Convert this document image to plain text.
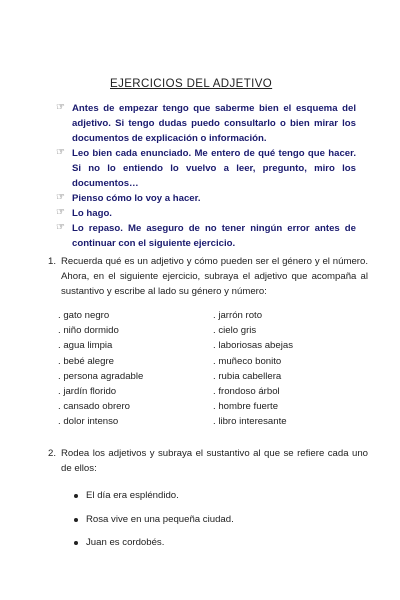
EJERCICIOS DEL ADJETIVO
☞ Antes de empezar tengo que saberme bien el esquema del adjetivo. Si tengo dudas puedo consultarlo o bien mirar los documentos de explicación o información.
☞ Leo bien cada enunciado. Me entero de qué tengo que hacer. Si no lo entiendo lo vuelvo a leer, pregunto, miro los documentos…
☞ Pienso cómo lo voy a hacer.
☞ Lo hago.
☞ Lo repaso. Me aseguro de no tener ningún error antes de continuar con el siguiente ejercicio.
1. Recuerda qué es un adjetivo y cómo pueden ser el género y el número. Ahora, en el siguiente ejercicio, subraya el adjetivo que acompaña al sustantivo y escribe al lado su género y número:
. gato negro
. niño dormido
. agua limpia
. bebé alegre
. persona agradable
. jardín florido
. cansado obrero
. dolor intenso
. jarrón roto
. cielo gris
. laboriosas abejas
. muñeco bonito
. rubia cabellera
. frondoso árbol
. hombre fuerte
. libro interesante
2. Rodea los adjetivos y subraya el sustantivo al que se refiere cada uno de ellos:
El día era espléndido.
Rosa vive en una pequeña ciudad.
Juan es cordobés.
